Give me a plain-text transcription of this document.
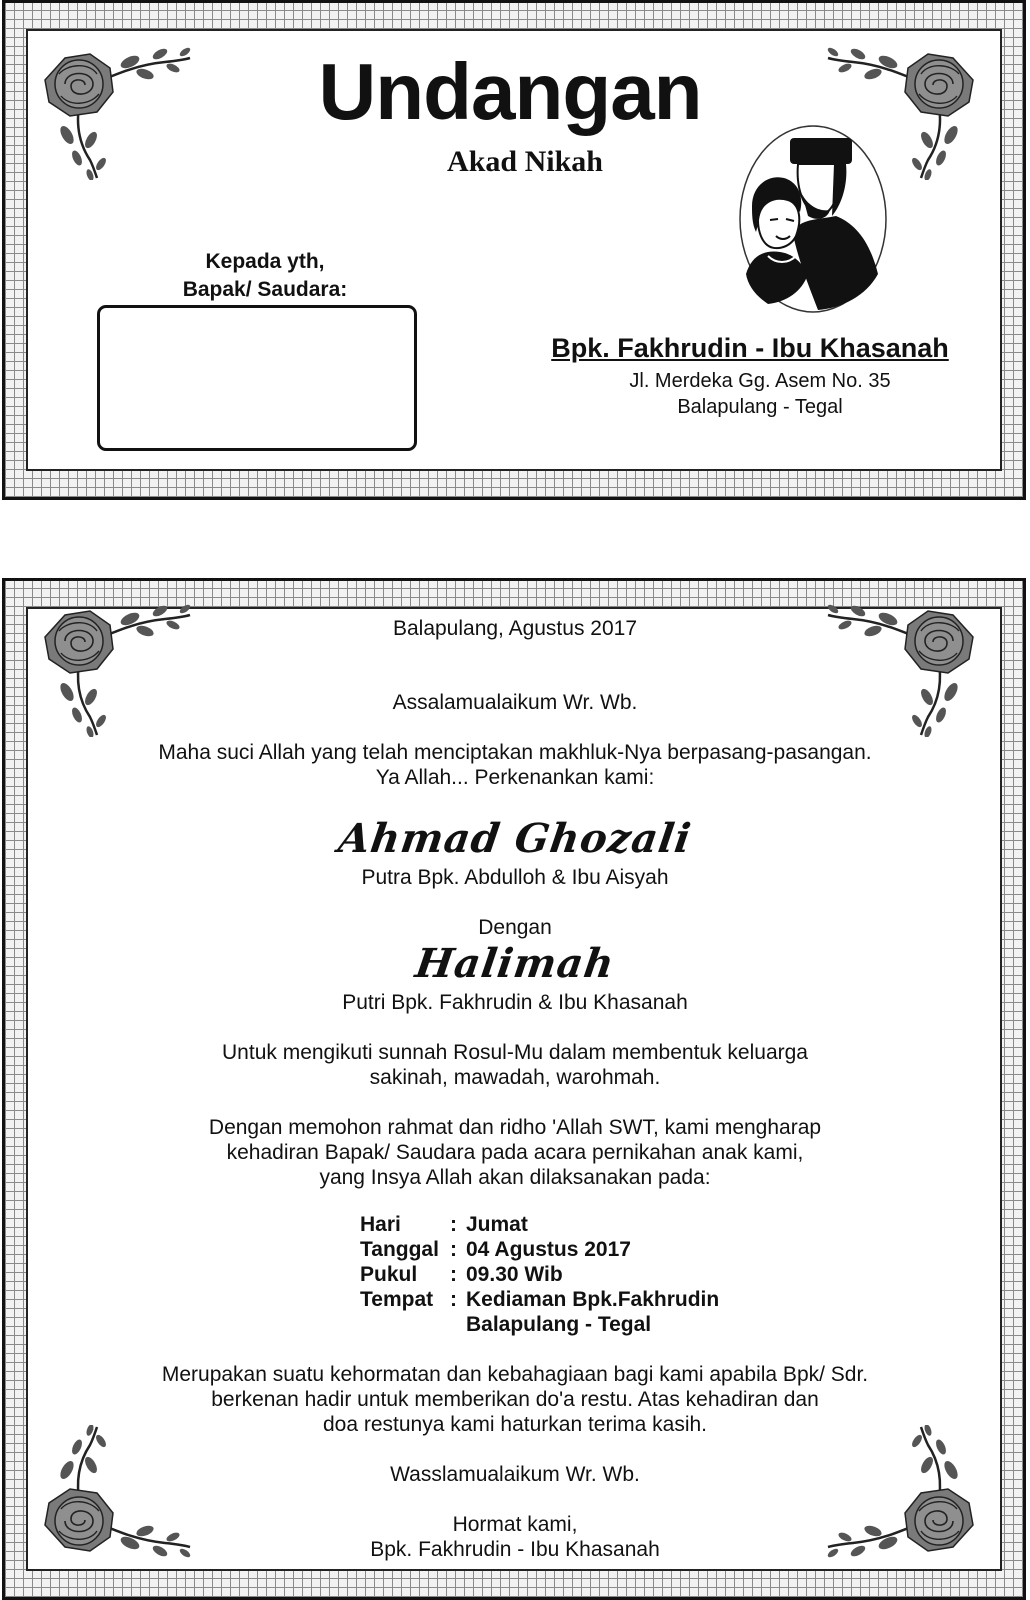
Undangan
Akad Nikah
Kepada yth,
Bapak/ Saudara:
Bpk. Fakhrudin - Ibu Khasanah
Jl. Merdeka Gg. Asem No. 35
Balapulang - Tegal
Balapulang, Agustus 2017
Assalamualaikum Wr. Wb.
Maha suci Allah yang telah menciptakan makhluk-Nya berpasang-pasangan.
Ya Allah... Perkenankan kami:
Ahmad Ghozali
Putra Bpk. Abdulloh & Ibu Aisyah
Dengan
Halimah
Putri Bpk. Fakhrudin & Ibu Khasanah
Untuk mengikuti sunnah Rosul-Mu dalam membentuk keluarga
sakinah, mawadah, warohmah.
Dengan memohon rahmat dan ridho 'Allah SWT, kami mengharap
kehadiran Bapak/ Saudara pada acara pernikahan anak kami,
yang Insya Allah akan dilaksanakan pada:
Hari	: Jumat
Tanggal : 04 Agustus 2017
Pukul	: 09.30 Wib
Tempat : Kediaman Bpk.Fakhrudin
Balapulang - Tegal
Merupakan suatu kehormatan dan kebahagiaan bagi kami apabila Bpk/ Sdr.
berkenan hadir untuk memberikan do'a restu. Atas kehadiran dan
doa restunya kami haturkan terima kasih.
Wasslamualaikum Wr. Wb.
Hormat kami,
Bpk. Fakhrudin - Ibu Khasanah
